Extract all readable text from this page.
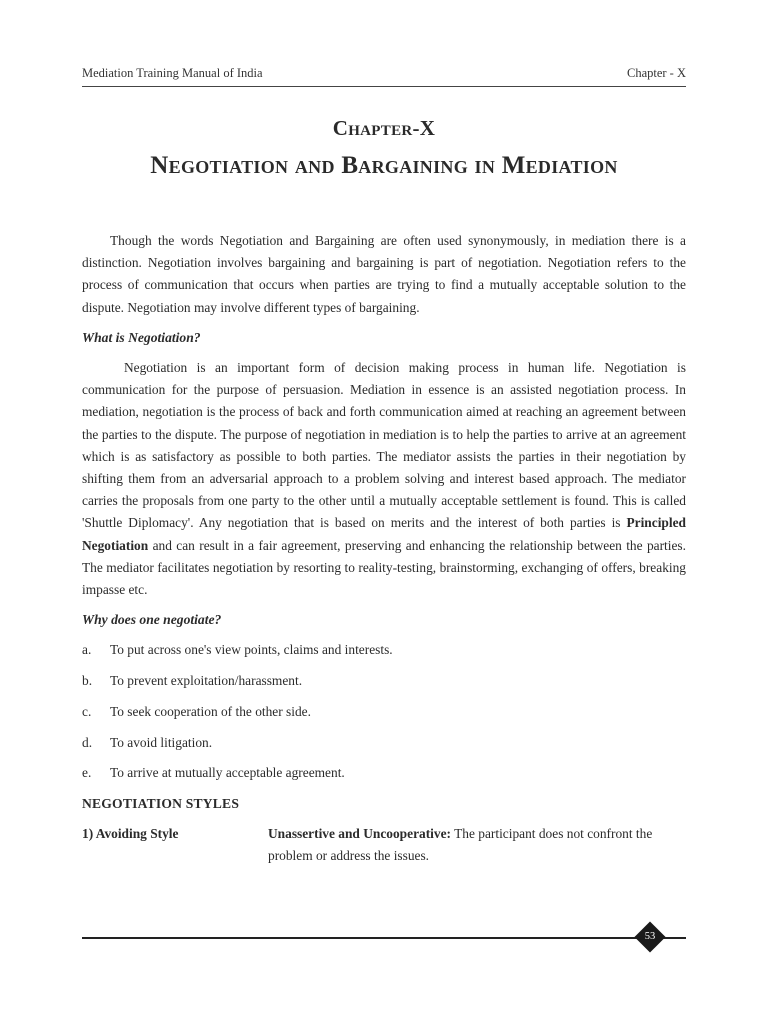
Mediation Training Manual of India	Chapter - X
Chapter-X
Negotiation and Bargaining in Mediation

Though the words Negotiation and Bargaining are often used synonymously, in mediation there is a distinction. Negotiation involves bargaining and bargaining is part of negotiation. Negotiation refers to the process of communication that occurs when parties are trying to find a mutually acceptable solution to the dispute. Negotiation may involve different types of bargaining.

What is Negotiation?

Negotiation is an important form of decision making process in human life. Negotiation is communication for the purpose of persuasion. Mediation in essence is an assisted negotiation process. In mediation, negotiation is the process of back and forth communication aimed at reaching an agreement between the parties to the dispute. The purpose of negotiation in mediation is to help the parties to arrive at an agreement which is as satisfactory as possible to both parties. The mediator assists the parties in their negotiation by shifting them from an adversarial approach to a problem solving and interest based approach. The mediator carries the proposals from one party to the other until a mutually acceptable settlement is found. This is called 'Shuttle Diplomacy'. Any negotiation that is based on merits and the interest of both parties is Principled Negotiation and can result in a fair agreement, preserving and enhancing the relationship between the parties. The mediator facilitates negotiation by resorting to reality-testing, brainstorming, exchanging of offers, breaking impasse etc.

Why does one negotiate?
a.	To put across one's view points, claims and interests.
b.	To prevent exploitation/harassment.
c.	To seek cooperation of the other side.
d.	To avoid litigation.
e.	To arrive at mutually acceptable agreement.
NEGOTIATION STYLES
1) Avoiding Style	Unassertive and Uncooperative: The participant does not confront the problem or address the issues.
53
